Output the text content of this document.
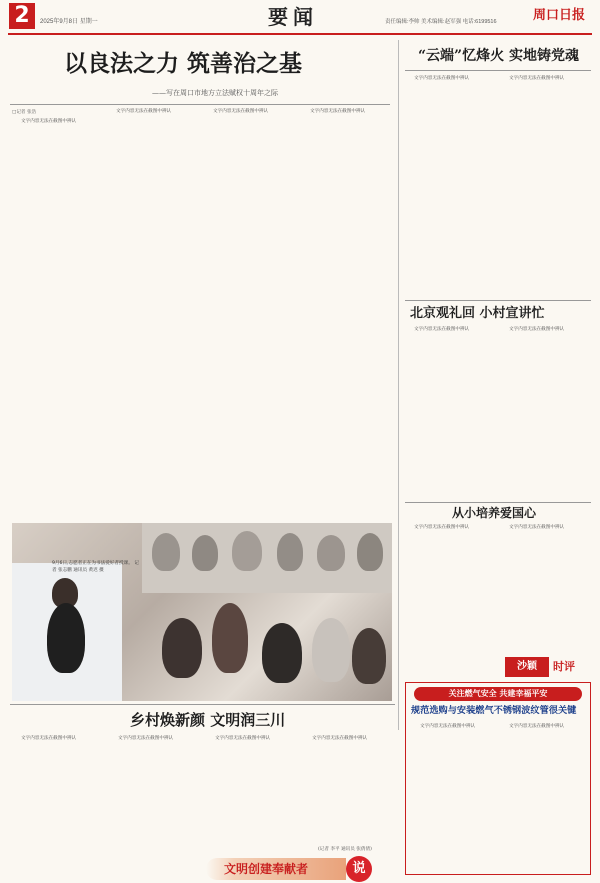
2	2025年9月8日 星期一	要闻	责任编辑:李帅 美术编辑:赵军强 电话:6199516	周口日报
以良法之力 筑善治之基
——写在周口市地方立法赋权十周年之际
□记者 张浩

文字内容无法在截图中辨认

文字内容无法在截图中辨认	文字内容无法在截图中辨认	文字内容无法在截图中辨认

“云端”忆烽火 实地铸党魂

文字内容无法在截图中辨认	文字内容无法在截图中辨认

北京观礼回 小村宣讲忙

文字内容无法在截图中辨认	文字内容无法在截图中辨认

从小培养爱国心

文字内容无法在截图中辨认	文字内容无法在截图中辨认

沙颖	时评
关注燃气安全 共建幸福平安
规范选购与安装燃气不锈钢波纹管很关键

文字内容无法在截图中辨认	文字内容无法在截图中辨认

9月6日,志愿者正在为书法爱好者授课。 记者 张志鹏 通讯员 黄迟 摄
乡村焕新颜 文明润三川

文字内容无法在截图中辨认	文字内容无法在截图中辨认	文字内容无法在截图中辨认	文字内容无法在截图中辨认

(记者 李平 通讯员 张倩倩)
文明创建奉献者	说
